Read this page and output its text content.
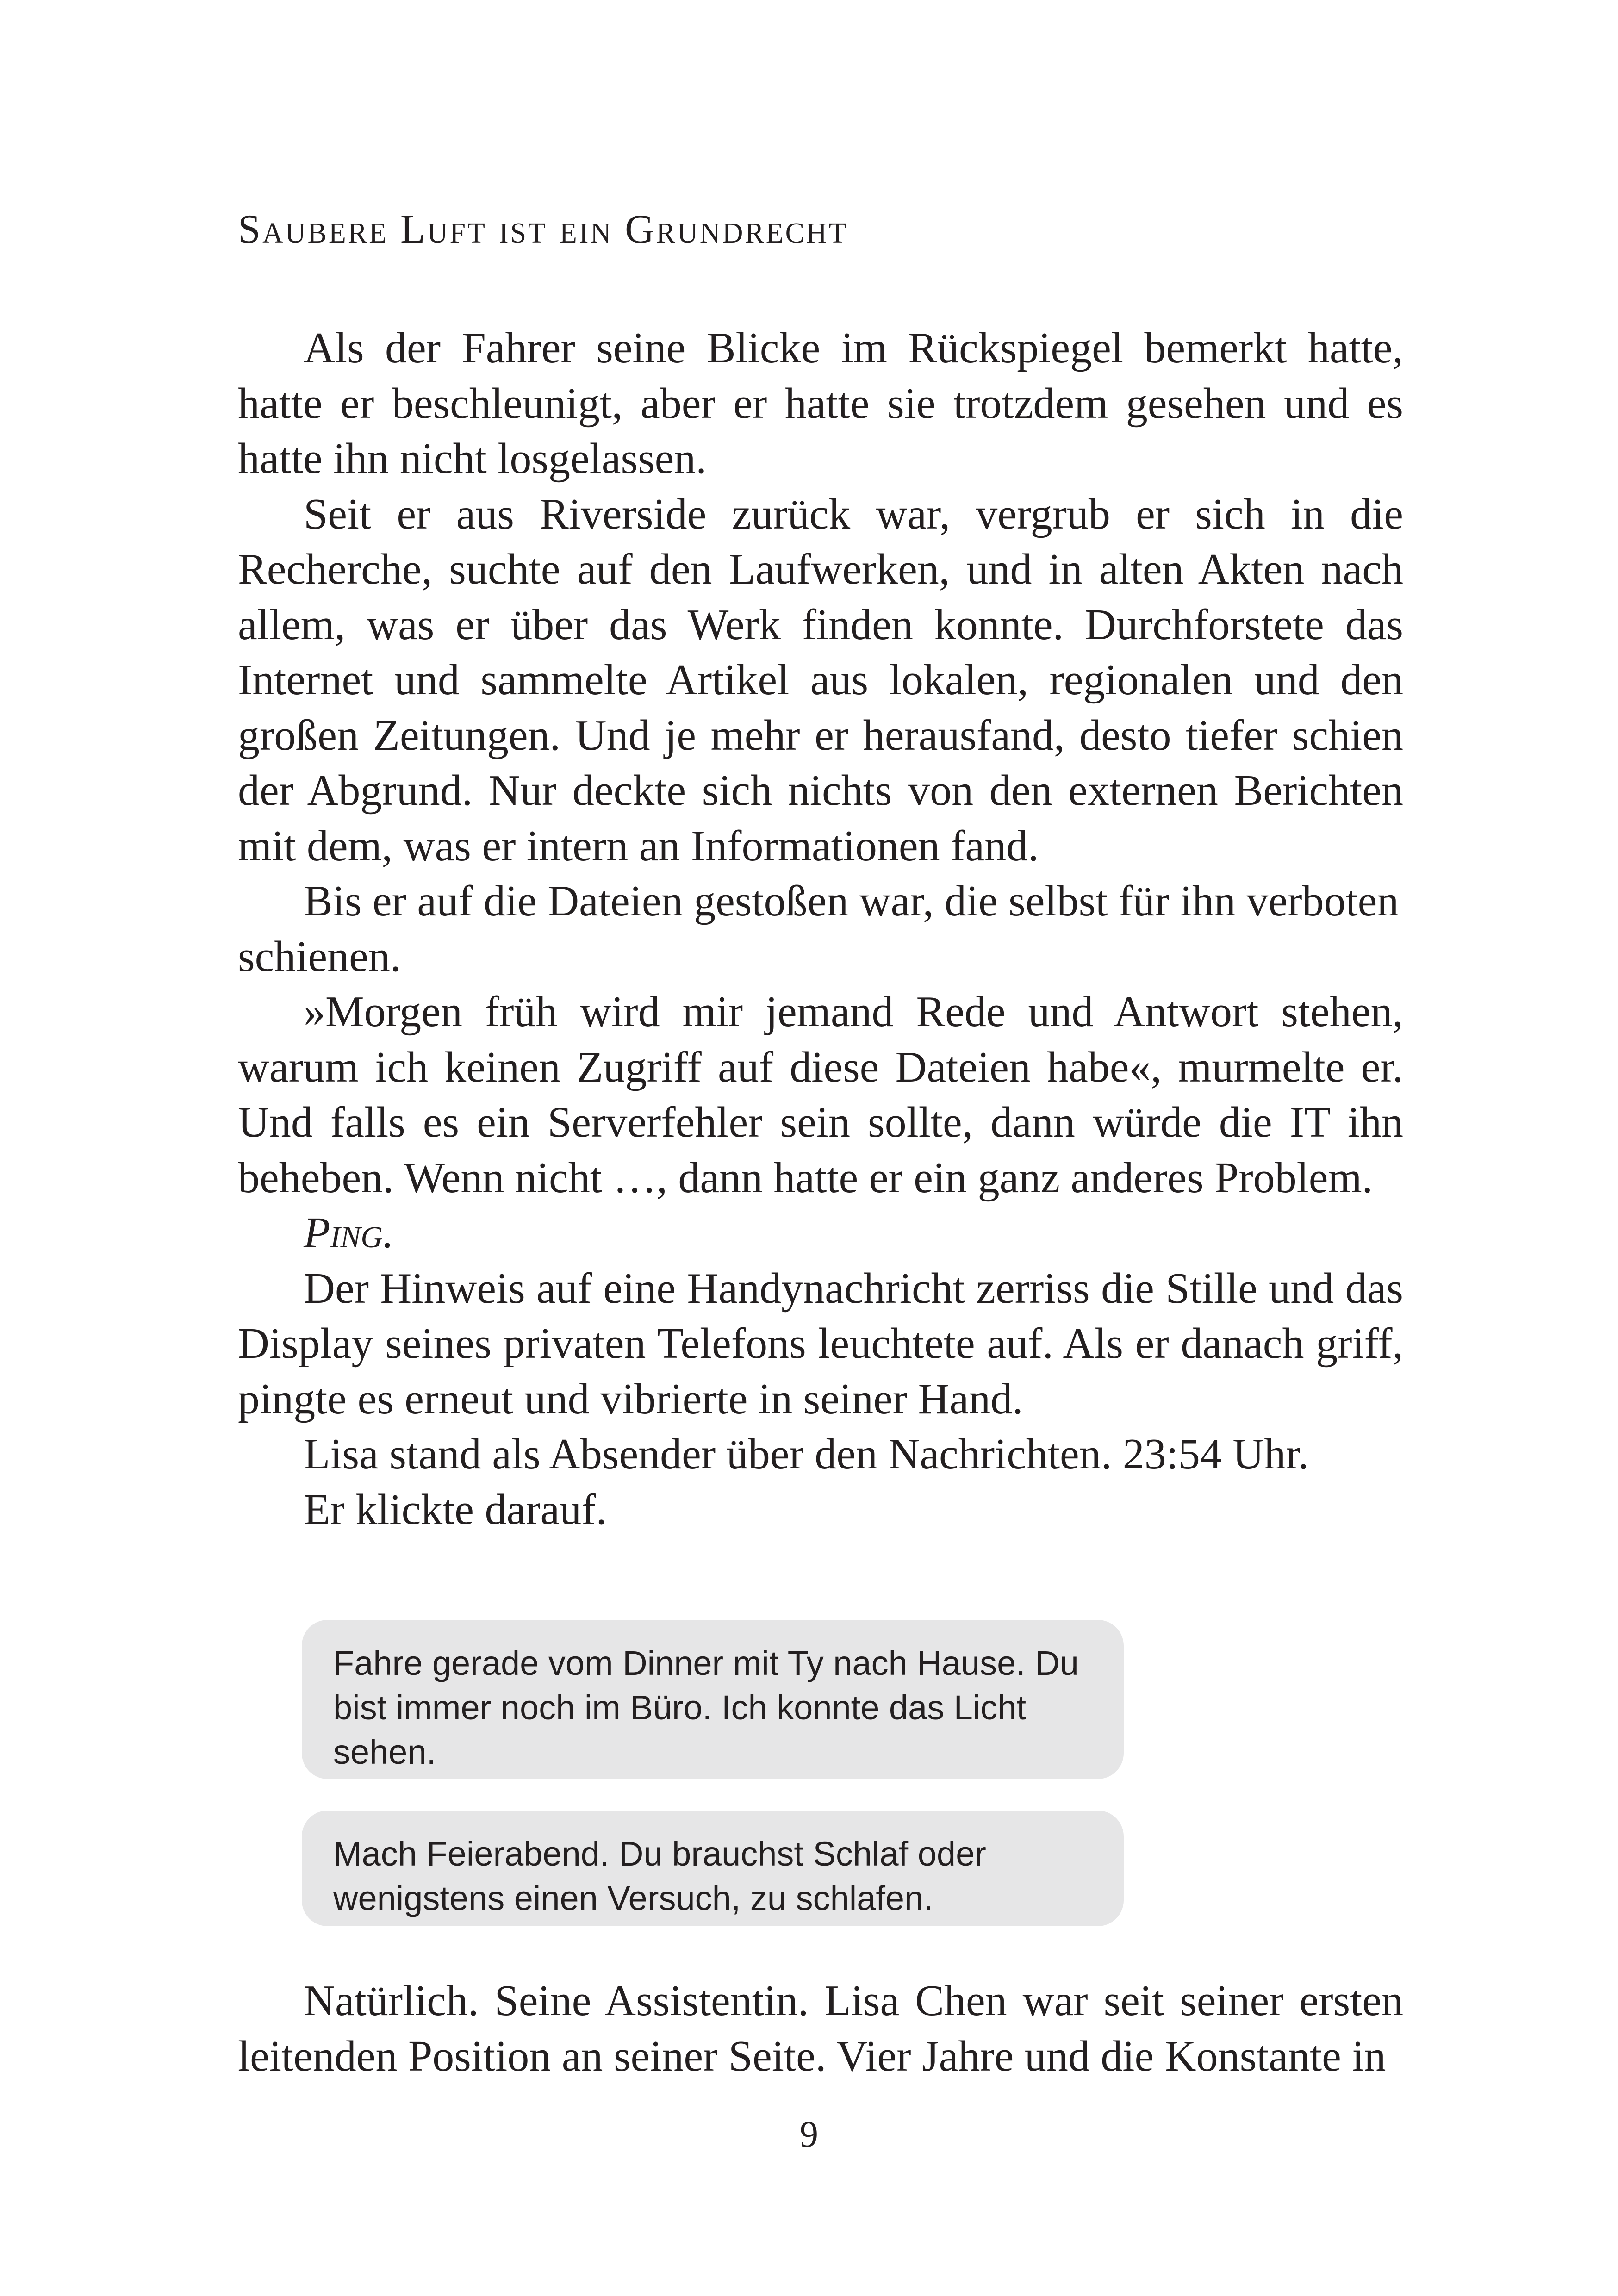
Saubere Luft ist ein Grundrecht

Als der Fahrer seine Blicke im Rückspiegel bemerkt hatte, hatte er beschleunigt, aber er hatte sie trotzdem gesehen und es hatte ihn nicht losgelassen.

Seit er aus Riverside zurück war, vergrub er sich in die Recherche, suchte auf den Laufwerken, und in alten Akten nach allem, was er über das Werk finden konnte. Durchforstete das Internet und sammelte Artikel aus lokalen, regionalen und den großen Zeitungen. Und je mehr er herausfand, desto tiefer schien der Abgrund. Nur deckte sich nichts von den externen Berichten mit dem, was er intern an Informationen fand.

Bis er auf die Dateien gestoßen war, die selbst für ihn verboten schienen.

»Morgen früh wird mir jemand Rede und Antwort stehen, warum ich keinen Zugriff auf diese Dateien habe«, murmelte er. Und falls es ein Serverfehler sein sollte, dann würde die IT ihn beheben. Wenn nicht …, dann hatte er ein ganz anderes Problem.

Ping.

Der Hinweis auf eine Handynachricht zerriss die Stille und das Display seines privaten Telefons leuchtete auf. Als er danach griff, pingte es erneut und vibrierte in seiner Hand.

Lisa stand als Absender über den Nachrichten. 23:54 Uhr.

Er klickte darauf.

Fahre gerade vom Dinner mit Ty nach Hause. Du bist immer noch im Büro. Ich konnte das Licht sehen.
Mach Feierabend. Du brauchst Schlaf oder wenigstens einen Versuch, zu schlafen.

Natürlich. Seine Assistentin. Lisa Chen war seit seiner ersten leitenden Position an seiner Seite. Vier Jahre und die Konstante in

9
